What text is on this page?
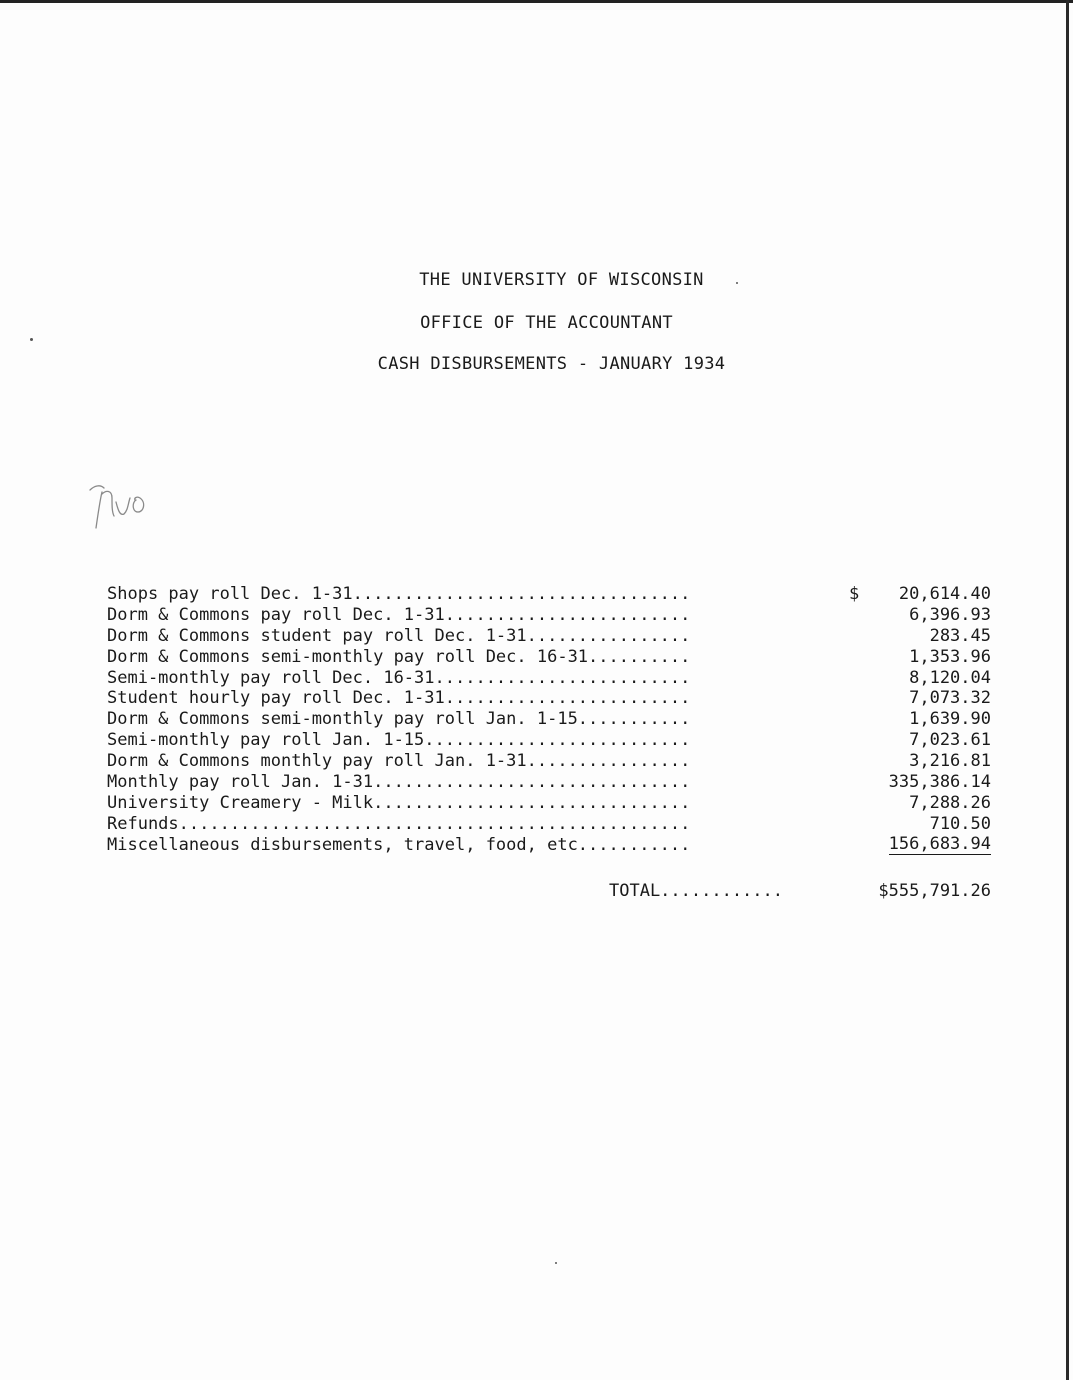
THE UNIVERSITY OF WISCONSIN
OFFICE OF THE ACCOUNTANT
CASH DISBURSEMENTS - JANUARY 1934
Shops pay roll Dec. 1-31.................................	$ 20,614.40
Dorm & Commons pay roll Dec. 1-31........................	6,396.93
Dorm & Commons student pay roll Dec. 1-31................	283.45
Dorm & Commons semi-monthly pay roll Dec. 16-31..........	1,353.96
Semi-monthly pay roll Dec. 16-31.........................	8,120.04
Student hourly pay roll Dec. 1-31........................	7,073.32
Dorm & Commons semi-monthly pay roll Jan. 1-15...........	1,639.90
Semi-monthly pay roll Jan. 1-15..........................	7,023.61
Dorm & Commons monthly pay roll Jan. 1-31................	3,216.81
Monthly pay roll Jan. 1-31...............................	335,386.14
University Creamery - Milk...............................	7,288.26
Refunds..................................................	710.50
Miscellaneous disbursements, travel, food, etc...........	156,683.94
TOTAL............	$555,791.26
